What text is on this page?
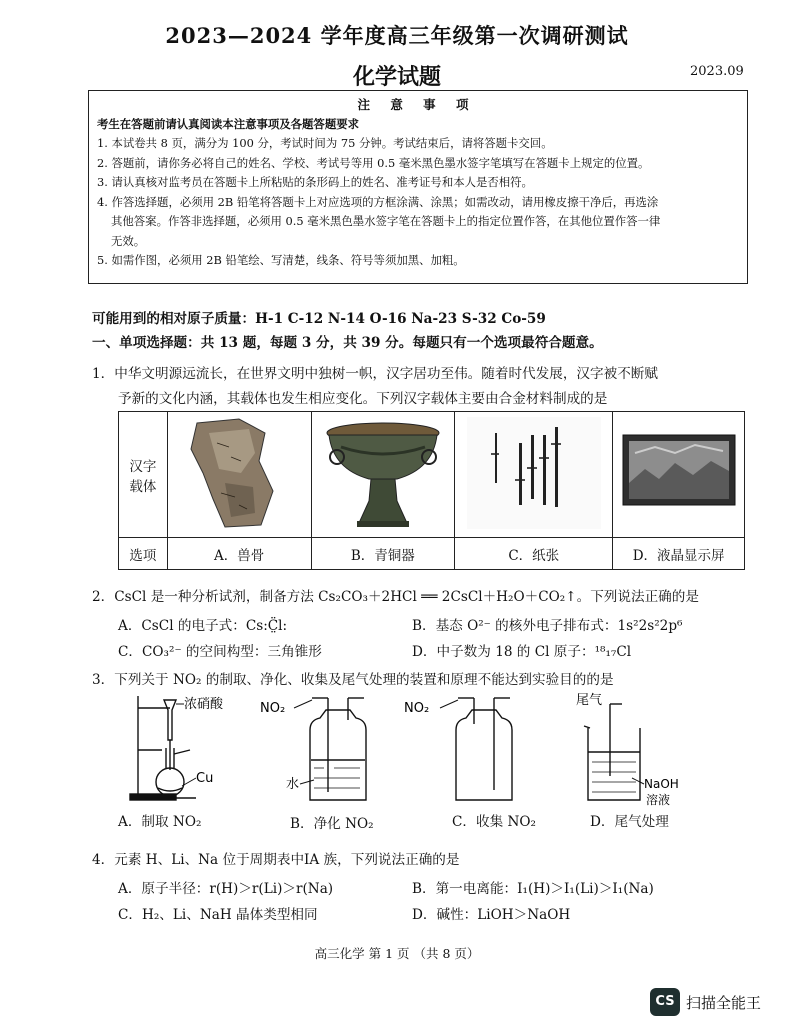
2023—2024 学年度高三年级第一次调研测试
化学试题	2023.09
注 意 事 项
考生在答题前请认真阅读本注意事项及各题答题要求
1. 本试卷共 8 页，满分为 100 分，考试时间为 75 分钟。考试结束后，请将答题卡交回。
2. 答题前，请你务必将自己的姓名、学校、考试号等用 0.5 毫米黑色墨水签字笔填写在答题卡上规定的位置。
3. 请认真核对监考员在答题卡上所粘贴的条形码上的姓名、准考证号和本人是否相符。
4. 作答选择题，必须用 2B 铅笔将答题卡上对应选项的方框涂满、涂黑；如需改动，请用橡皮擦干净后，再选涂
其他答案。作答非选择题，必须用 0.5 毫米黑色墨水签字笔在答题卡上的指定位置作答，在其他位置作答一律
无效。
5. 如需作图，必须用 2B 铅笔绘、写清楚，线条、符号等须加黑、加粗。
可能用到的相对原子质量：H-1 C-12 N-14 O-16 Na-23 S-32 Co-59
一、单项选择题：共 13 题，每题 3 分，共 39 分。每题只有一个选项最符合题意。
1．中华文明源远流长，在世界文明中独树一帜，汉字居功至伟。随着时代发展，汉字被不断赋
予新的文化内涵，其载体也发生相应变化。下列汉字载体主要由合金材料制成的是
汉字
载体

选项	A．兽骨	B．青铜器	C．纸张	D．液晶显示屏
2．CsCl 是一种分析试剂，制备方法 Cs₂CO₃＋2HCl ══ 2CsCl＋H₂O＋CO₂↑。下列说法正确的是
A．CsCl 的电子式：Cs:C̤̈l:	B．基态 O²⁻ 的核外电子排布式：1s²2s²2p⁶
C．CO₃²⁻ 的空间构型：三角锥形	D．中子数为 18 的 Cl 原子：¹⁸₁₇Cl
3．下列关于 NO₂ 的制取、净化、收集及尾气处理的装置和原理不能达到实验目的的是
浓硝酸
Cu
NO₂
水
NO₂
尾气
NaOH
溶液
A．制取 NO₂	B．净化 NO₂	C．收集 NO₂	D．尾气处理
4．元素 H、Li、Na 位于周期表中ⅠA 族，下列说法正确的是
A．原子半径：r(H)＞r(Li)＞r(Na)	B．第一电离能：I₁(H)＞I₁(Li)＞I₁(Na)
C．H₂、Li、NaH 晶体类型相同	D．碱性：LiOH＞NaOH
高三化学 第 1 页 （共 8 页）
CS 扫描全能王
